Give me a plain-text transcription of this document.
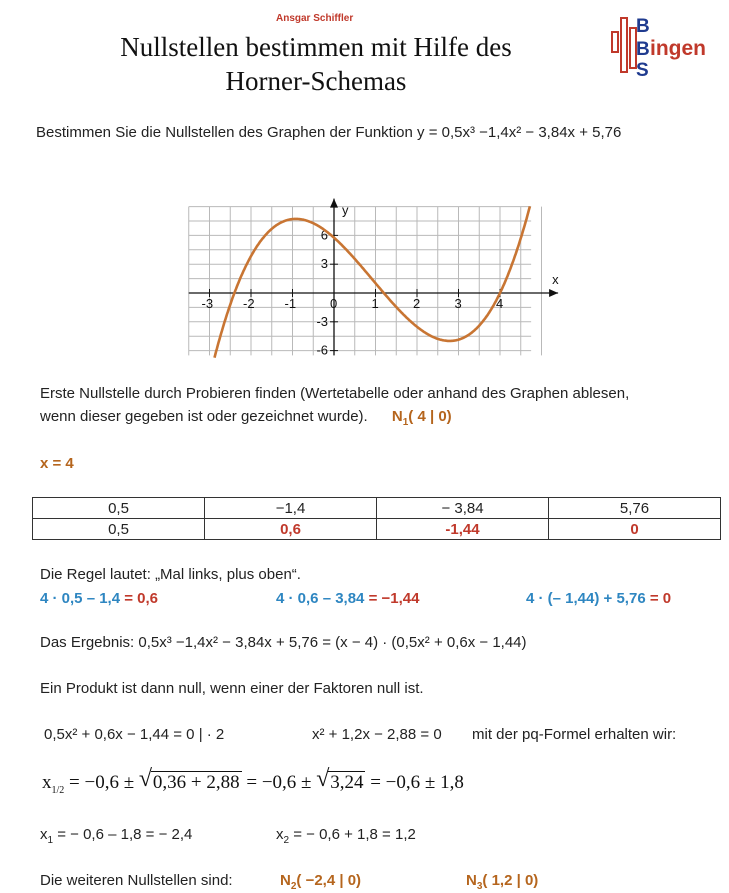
Ansgar Schiffler
Nullstellen bestimmen mit Hilfe des
Horner-Schemas
B
B
S
ingen
Bestimmen Sie die Nullstellen des Graphen der Funktion y = 0,5x³ −1,4x² − 3,84x + 5,76
x
y
-3 -2 -1	0	1	2	3	4
6
3
-3
-6
Erste Nullstelle durch Probieren finden (Wertetabelle oder anhand des Graphen ablesen,
wenn dieser gegeben ist oder gezeichnet wurde). $N_1$( 4 | 0)
x = 4
0,5	−1,4	− 3,84	5,76
0,5	0,6	-1,44	0
Die Regel lautet: „Mal links, plus oben“.
4 · 0,5 – 1,4 = 0,6	4 · 0,6 – 3,84 = −1,44	4 · (– 1,44) + 5,76 = 0
Das Ergebnis: 0,5x³ −1,4x² − 3,84x + 5,76 = (x − 4) · (0,5x² + 0,6x − 1,44)
Ein Produkt ist dann null, wenn einer der Faktoren null ist.
0,5x² + 0,6x − 1,44 = 0 | · 2	x² + 1,2x − 2,88 = 0 mit der pq-Formel erhalten wir:
$x_{1/2} = -0,6$ ± √ 0,36 + 2,88 = −0,6 ± √ 3,24 = −0,6 ± 1,8
$x_1$ = − 0,6 – 1,8 = − 2,4	$x_2$ = − 0,6 + 1,8 = 1,2
Die weiteren Nullstellen sind:	$N_2( -2,4$ | 0)	$N_3$( 1,2 | 0)
